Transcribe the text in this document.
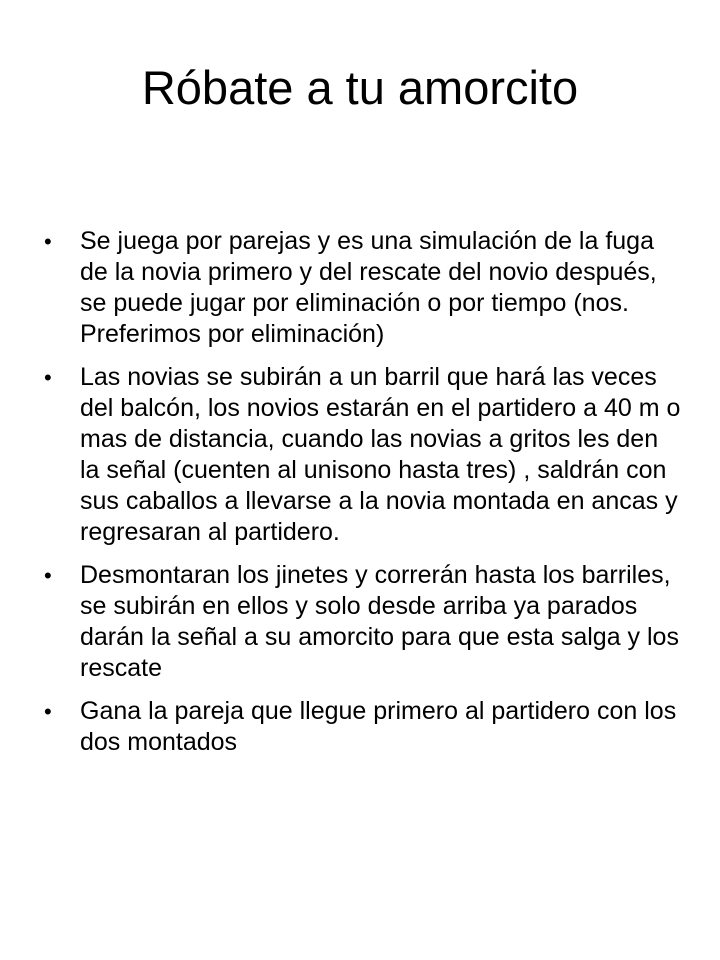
Róbate a tu amorcito
•	Se juega por parejas y es una simulación de la fuga de la novia primero y del rescate del novio después, se puede jugar por eliminación o por tiempo (nos. Preferimos por eliminación)
•	Las novias se subirán a un barril que hará las veces del balcón, los novios estarán en el partidero a 40 m o mas de distancia, cuando las novias a gritos les den la señal (cuenten al unisono hasta tres) , saldrán con sus caballos a llevarse a la novia montada en ancas y regresaran al partidero.
•	Desmontaran los jinetes y correrán hasta los barriles, se subirán en ellos y solo desde arriba ya parados darán la señal a su amorcito para que esta salga y los rescate
•	Gana la pareja que llegue primero al partidero con los dos montados
